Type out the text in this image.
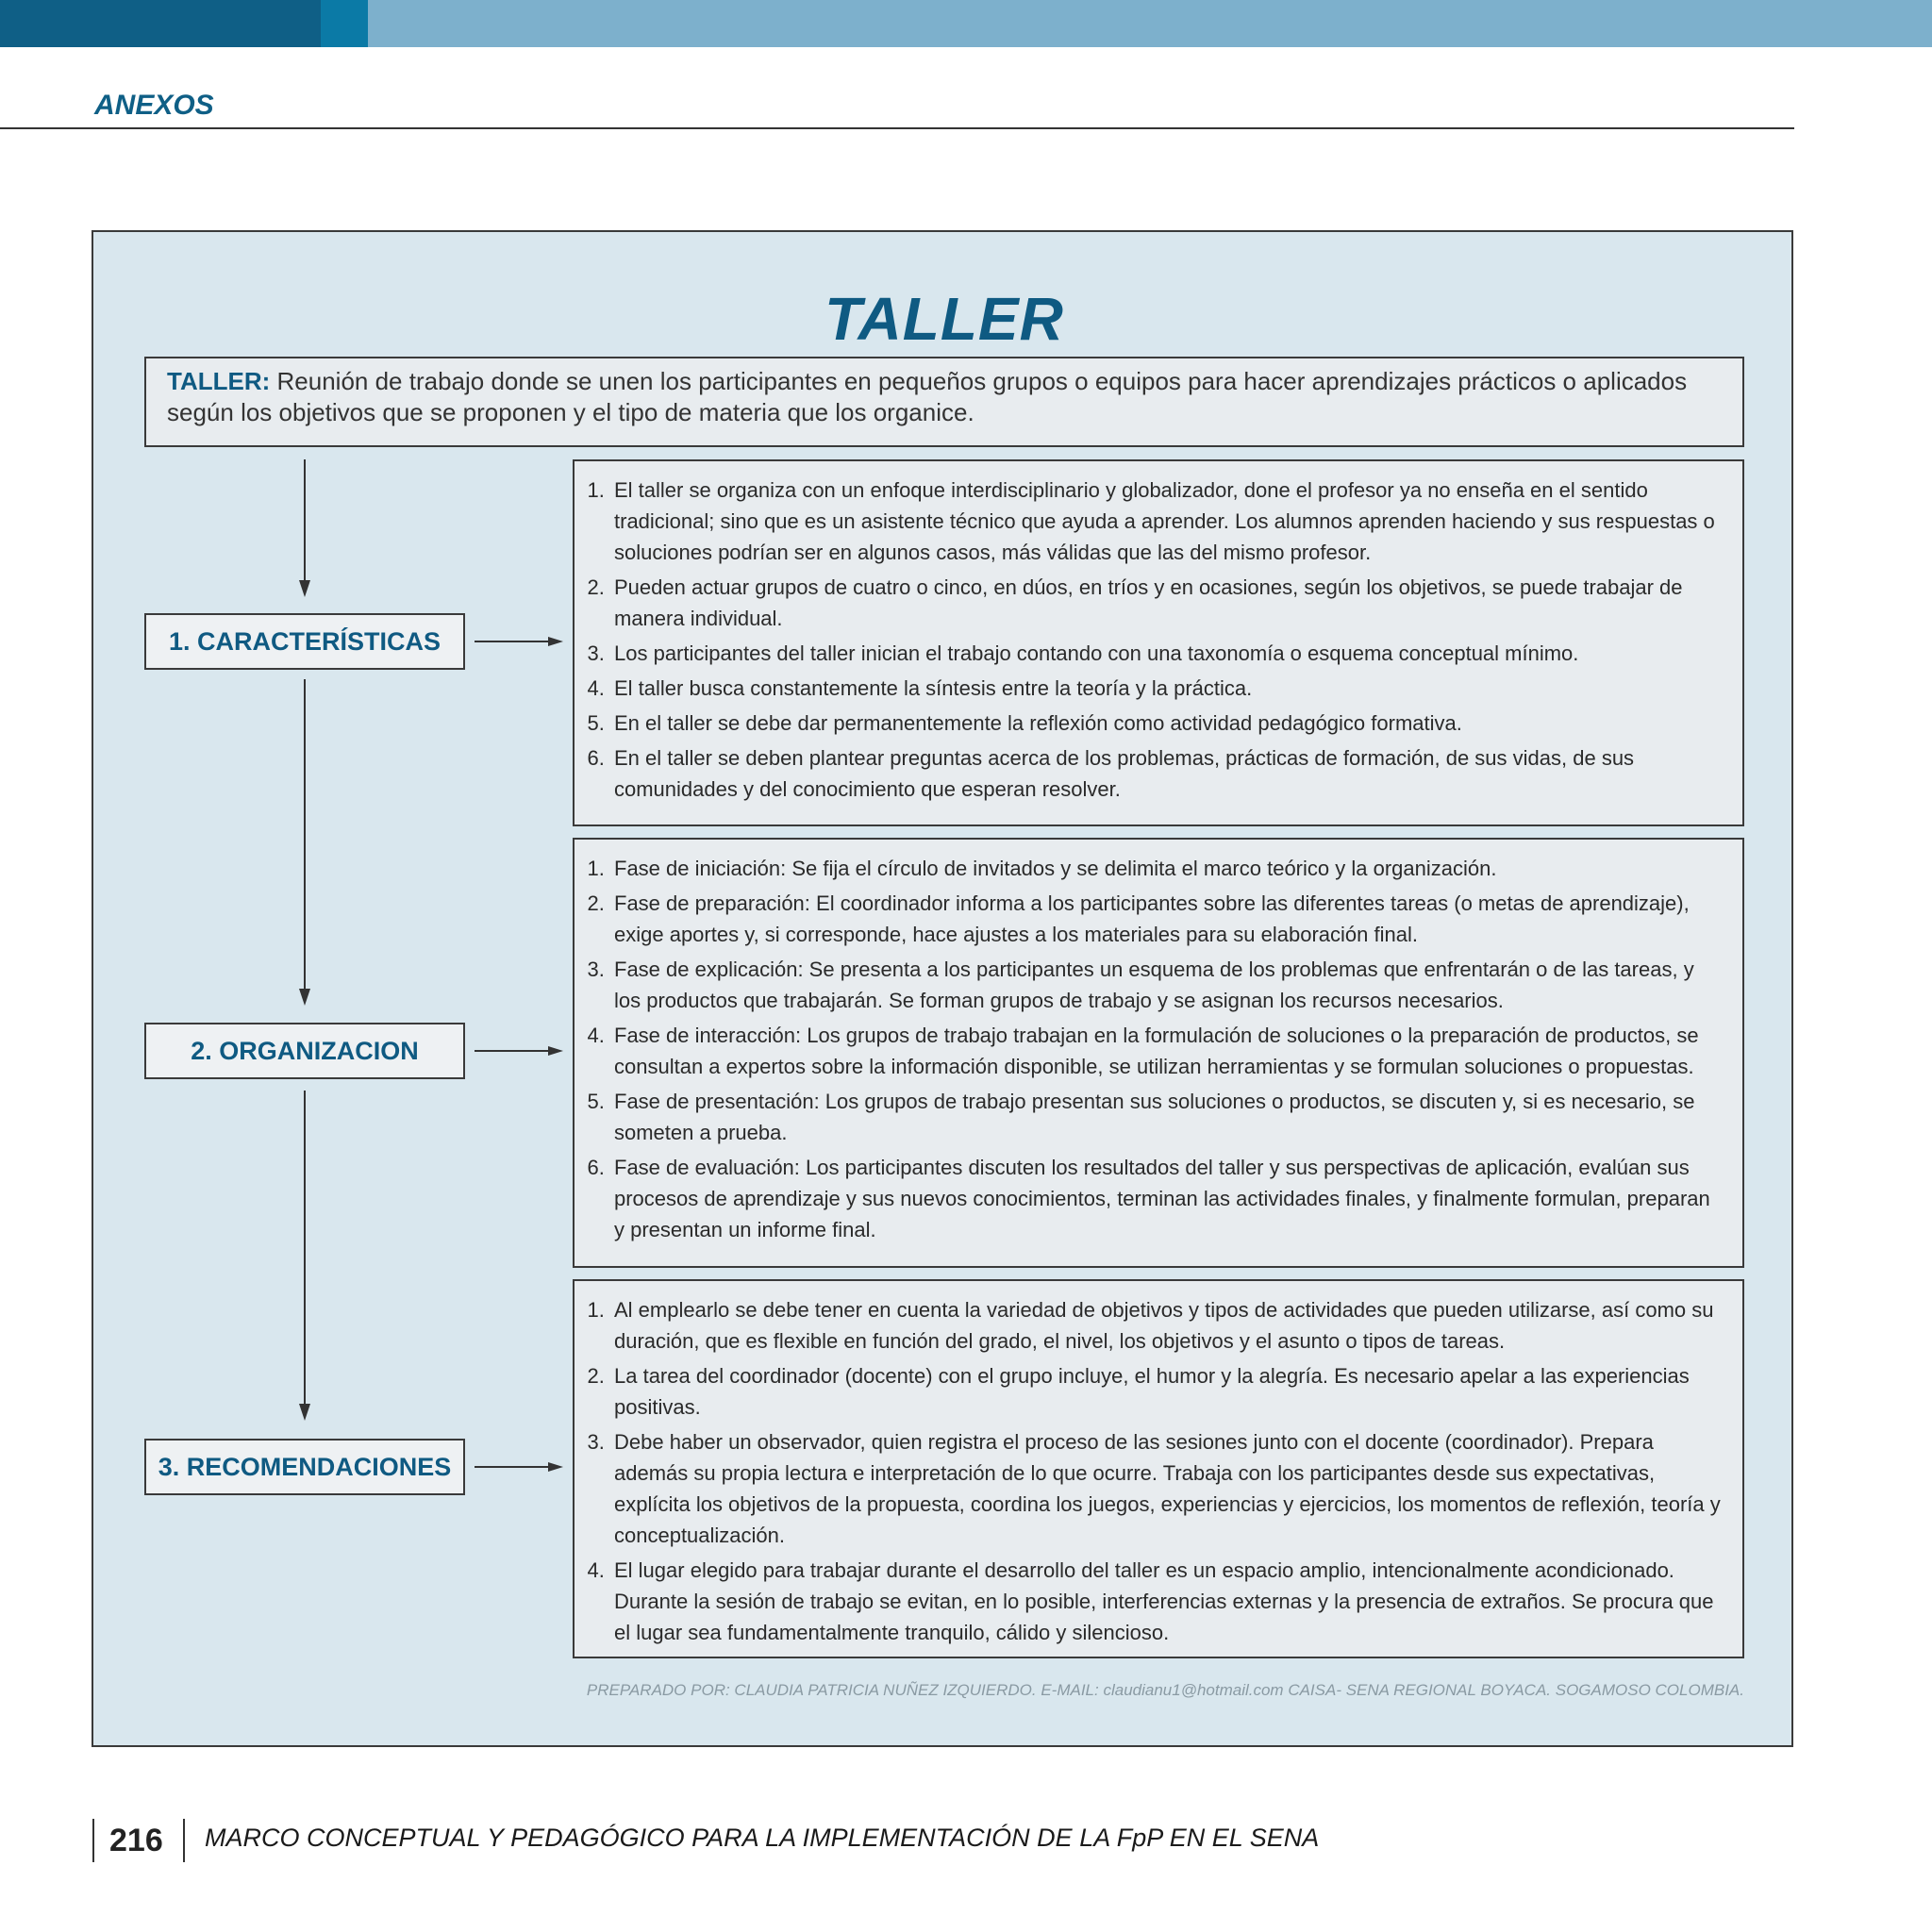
ANEXOS
TALLER
TALLER: Reunión de trabajo donde se unen los participantes en pequeños grupos o equipos para hacer aprendizajes prácticos o aplicados según los objetivos que se proponen y el tipo de materia que los organice.
1. CARACTERÍSTICAS
1. El taller se organiza con un enfoque interdisciplinario y globalizador, done el profesor ya no enseña en el sentido tradicional; sino que es un asistente técnico que ayuda a aprender. Los alumnos aprenden haciendo y sus respuestas o soluciones podrían ser en algunos casos, más válidas que las del mismo profesor.
2. Pueden actuar grupos de cuatro o cinco, en dúos, en tríos y en ocasiones, según los objetivos, se puede trabajar de manera individual.
3. Los participantes del taller inician el trabajo contando con una taxonomía o esquema conceptual mínimo.
4. El taller busca constantemente la síntesis entre la teoría y la práctica.
5. En el taller se debe dar permanentemente la reflexión como actividad pedagógico formativa.
6. En el taller se deben plantear preguntas acerca de los problemas, prácticas de formación, de sus vidas, de sus comunidades y del conocimiento que esperan resolver.
2. ORGANIZACION
1. Fase de iniciación: Se fija el círculo de invitados y se delimita el marco teórico y la organización.
2. Fase de preparación: El coordinador informa a los participantes sobre las diferentes tareas (o metas de aprendizaje), exige aportes y, si corresponde, hace ajustes a los materiales para su elaboración final.
3. Fase de explicación: Se presenta a los participantes un esquema de los problemas que enfrentarán o de las tareas, y los productos que trabajarán. Se forman grupos de trabajo y se asignan los recursos necesarios.
4. Fase de interacción: Los grupos de trabajo trabajan en la formulación de soluciones o la preparación de productos, se consultan a expertos sobre la información disponible, se utilizan herramientas y se formulan soluciones o propuestas.
5. Fase de presentación: Los grupos de trabajo presentan sus soluciones o productos, se discuten y, si es necesario, se someten a prueba.
6. Fase de evaluación: Los participantes discuten los resultados del taller y sus perspectivas de aplicación, evalúan sus procesos de aprendizaje y sus nuevos conocimientos, terminan las actividades finales, y finalmente formulan, preparan y presentan un informe final.
3. RECOMENDACIONES
1. Al emplearlo se debe tener en cuenta la variedad de objetivos y tipos de actividades que pueden utilizarse, así como su duración, que es flexible en función del grado, el nivel, los objetivos y el asunto o tipos de tareas.
2. La tarea del coordinador (docente) con el grupo incluye, el humor y la alegría. Es necesario apelar a las experiencias positivas.
3. Debe haber un observador, quien registra el proceso de las sesiones junto con el docente (coordinador). Prepara además su propia lectura e interpretación de lo que ocurre. Trabaja con los participantes desde sus expectativas, explícita los objetivos de la propuesta, coordina los juegos, experiencias y ejercicios, los momentos de reflexión, teoría y conceptualización.
4. El lugar elegido para trabajar durante el desarrollo del taller es un espacio amplio, intencionalmente acondicionado. Durante la sesión de trabajo se evitan, en lo posible, interferencias externas y la presencia de extraños. Se procura que el lugar sea fundamentalmente tranquilo, cálido y silencioso.
PREPARADO POR: CLAUDIA PATRICIA NUÑEZ IZQUIERDO. E-MAIL: claudianu1@hotmail.com CAISA- SENA REGIONAL BOYACA. SOGAMOSO COLOMBIA.
216 MARCO CONCEPTUAL Y PEDAGÓGICO PARA LA IMPLEMENTACIÓN DE LA FpP EN EL SENA
